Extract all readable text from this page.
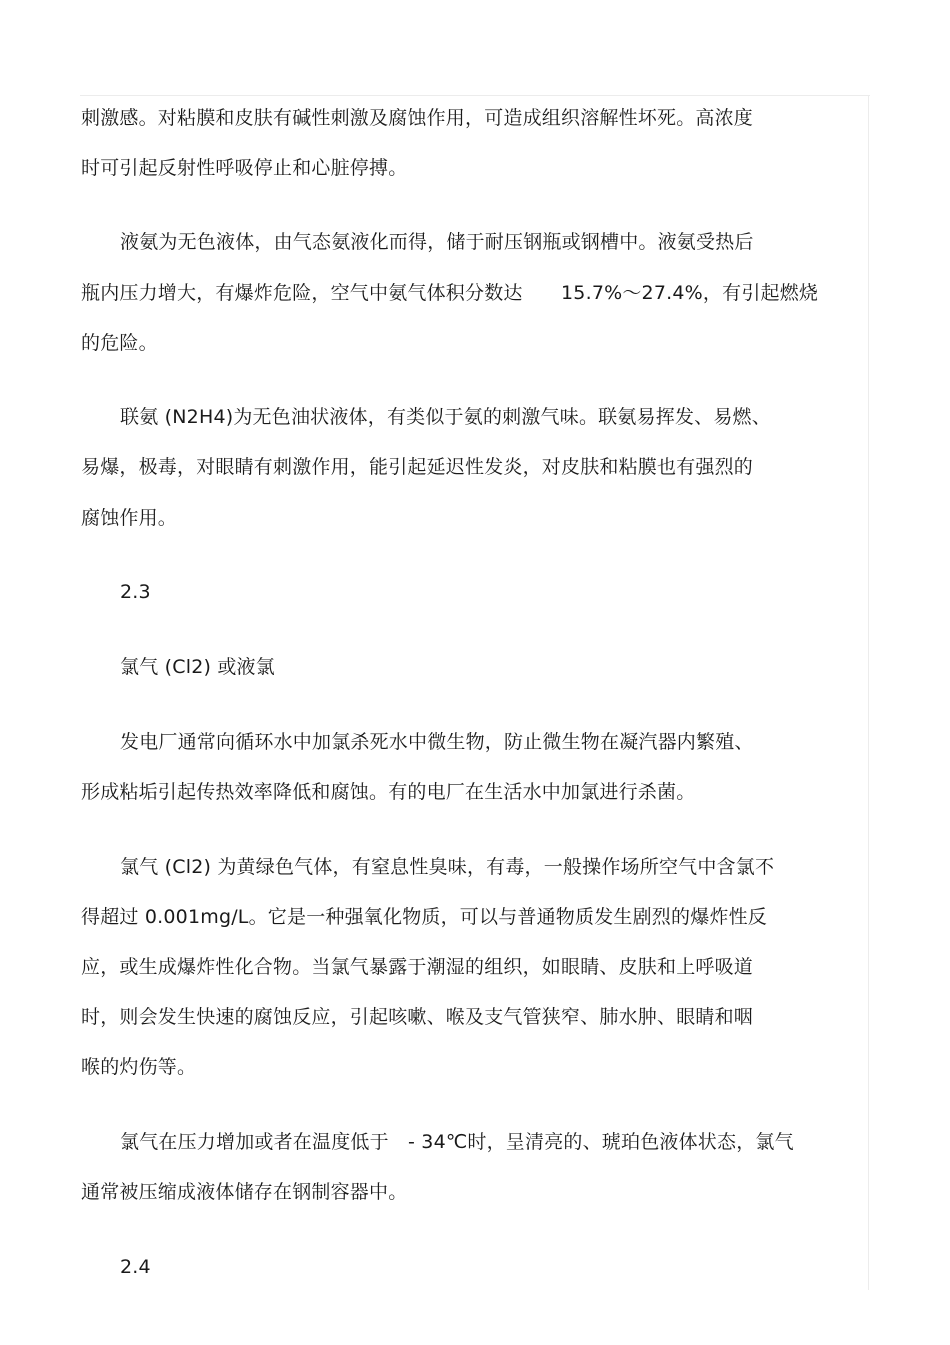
刺激感。对粘膜和皮肤有碱性刺激及腐蚀作用，可造成组织溶解性坏死。高浓度
时可引起反射性呼吸停止和心脏停搏。
液氨为无色液体，由气态氨液化而得，储于耐压钢瓶或钢槽中。液氨受热后
瓶内压力增大，有爆炸危险，空气中氨气体积分数达　　15.7%～27.4%，有引起燃烧
的危险。
联氨 (N2H4)为无色油状液体，有类似于氨的刺激气味。联氨易挥发、易燃、
易爆，极毒，对眼睛有刺激作用，能引起延迟性发炎，对皮肤和粘膜也有强烈的
腐蚀作用。
2.3
氯气 (Cl2) 或液氯
发电厂通常向循环水中加氯杀死水中微生物，防止微生物在凝汽器内繁殖、
形成粘垢引起传热效率降低和腐蚀。有的电厂在生活水中加氯进行杀菌。
氯气 (Cl2) 为黄绿色气体，有窒息性臭味，有毒，一般操作场所空气中含氯不
得超过 0.001mg/L。它是一种强氧化物质，可以与普通物质发生剧烈的爆炸性反
应，或生成爆炸性化合物。当氯气暴露于潮湿的组织，如眼睛、皮肤和上呼吸道
时，则会发生快速的腐蚀反应，引起咳嗽、喉及支气管狭窄、肺水肿、眼睛和咽
喉的灼伤等。
氯气在压力增加或者在温度低于　- 34℃时，呈清亮的、琥珀色液体状态，氯气
通常被压缩成液体储存在钢制容器中。
2.4
